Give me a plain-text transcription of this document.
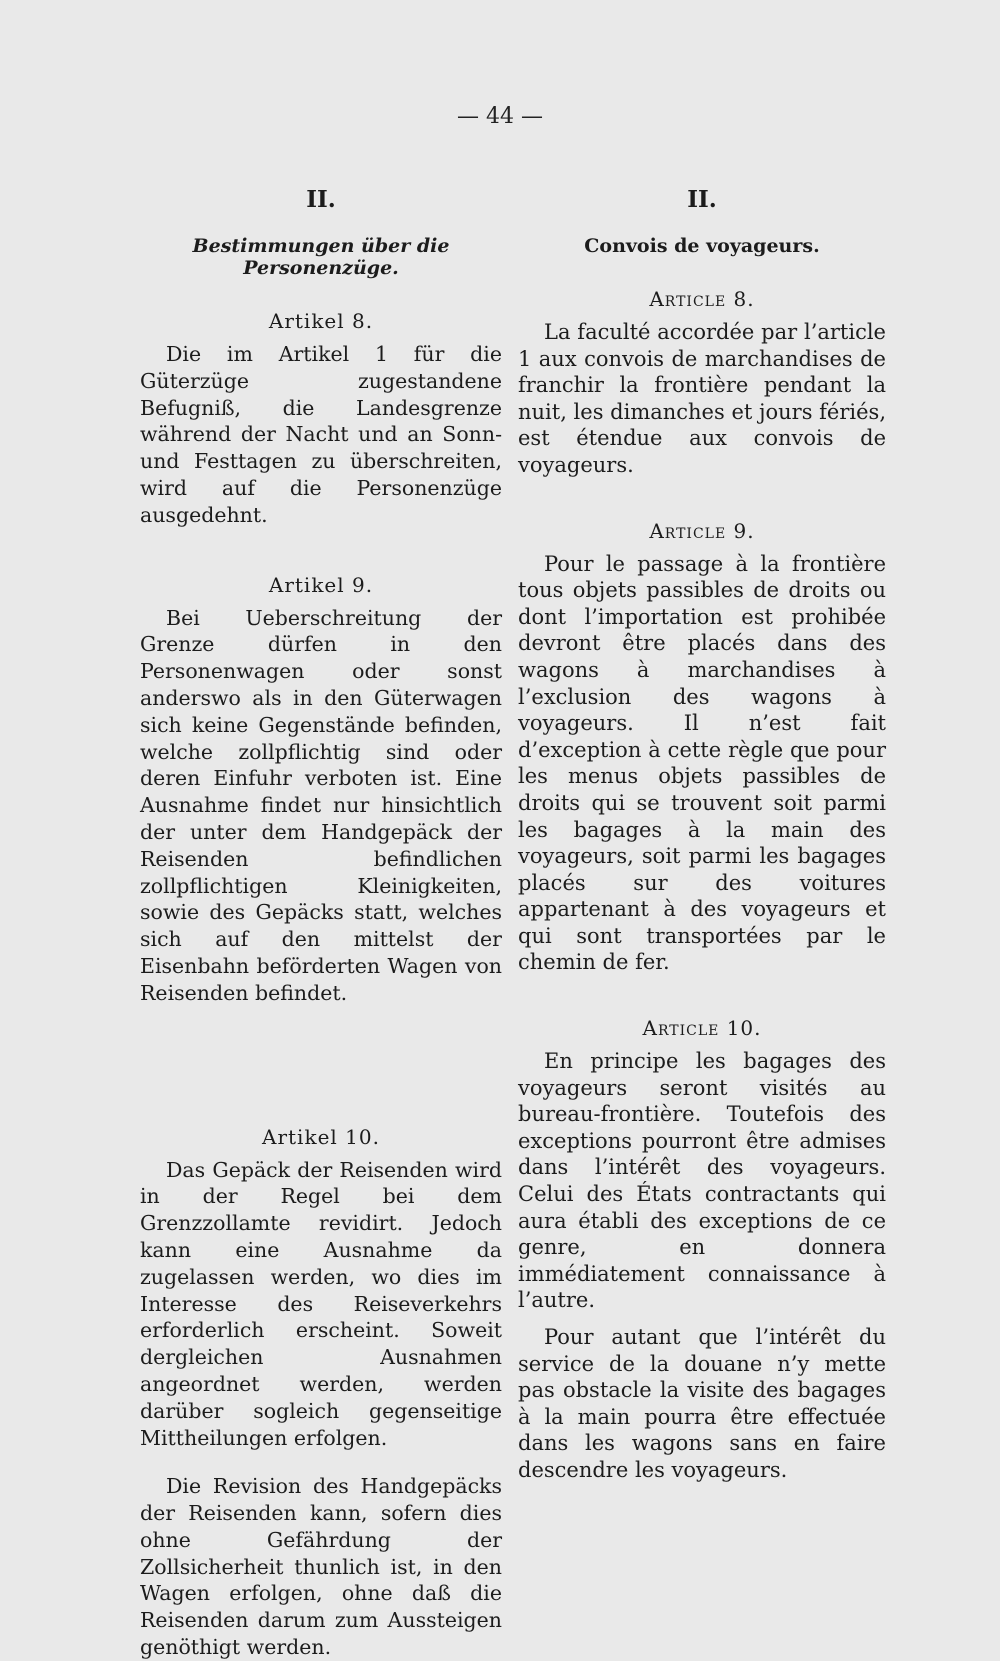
— 44 —
II.
Bestimmungen über die Personenzüge.
Artikel 8.

Die im Artikel 1 für die Güterzüge zugestandene Befugniß, die Landesgrenze während der Nacht und an Sonn- und Festtagen zu überschreiten, wird auf die Personenzüge ausgedehnt.

Artikel 9.

Bei Ueberschreitung der Grenze dürfen in den Personenwagen oder sonst anderswo als in den Güterwagen sich keine Gegenstände befinden, welche zollpflichtig sind oder deren Einfuhr verboten ist. Eine Ausnahme findet nur hinsichtlich der unter dem Handgepäck der Reisenden befindlichen zollpflichtigen Kleinigkeiten, sowie des Gepäcks statt, welches sich auf den mittelst der Eisenbahn beförderten Wagen von Reisenden befindet.

Artikel 10.

Das Gepäck der Reisenden wird in der Regel bei dem Grenzzollamte revidirt. Jedoch kann eine Ausnahme da zugelassen werden, wo dies im Interesse des Reiseverkehrs erforderlich erscheint. Soweit dergleichen Ausnahmen angeordnet werden, werden darüber sogleich gegenseitige Mittheilungen erfolgen.

Die Revision des Handgepäcks der Reisenden kann, sofern dies ohne Gefährdung der Zollsicherheit thunlich ist, in den Wagen erfolgen, ohne daß die Reisenden darum zum Aussteigen genöthigt werden.

II.
Convois de voyageurs.
Article 8.

La faculté accordée par l’article 1 aux convois de marchandises de franchir la frontière pendant la nuit, les dimanches et jours fériés, est étendue aux convois de voyageurs.

Article 9.

Pour le passage à la frontière tous objets passibles de droits ou dont l’importation est prohibée devront être placés dans des wagons à marchandises à l’exclusion des wagons à voyageurs. Il n’est fait d’exception à cette règle que pour les menus objets passibles de droits qui se trouvent soit parmi les bagages à la main des voyageurs, soit parmi les bagages placés sur des voitures appartenant à des voyageurs et qui sont transportées par le chemin de fer.

Article 10.

En principe les bagages des voyageurs seront visités au bureau-frontière. Toutefois des exceptions pourront être admises dans l’intérêt des voyageurs. Celui des États contractants qui aura établi des exceptions de ce genre, en donnera immédiatement connaissance à l’autre.

Pour autant que l’intérêt du service de la douane n’y mette pas obstacle la visite des bagages à la main pourra être effectuée dans les wagons sans en faire descendre les voyageurs.
